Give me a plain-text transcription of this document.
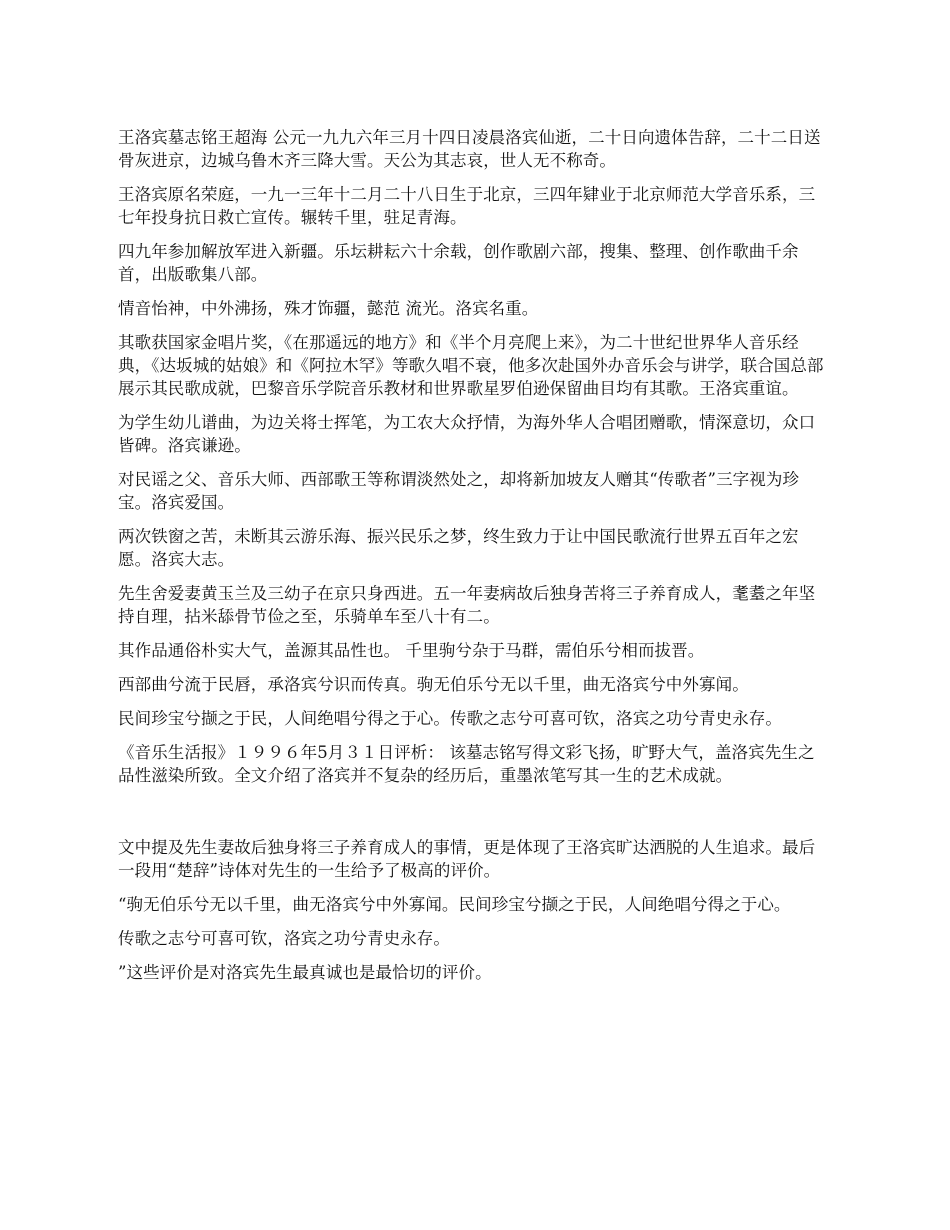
王洛宾墓志铭王超海 公元一九九六年三月十四日凌晨洛宾仙逝，二十日向遗体告辞，二十二日送骨灰进京，边城乌鲁木齐三降大雪。天公为其志哀，世人无不称奇。

王洛宾原名荣庭，一九一三年十二月二十八日生于北京，三四年肄业于北京师范大学音乐系，三七年投身抗日救亡宣传。辗转千里，驻足青海。

四九年参加解放军进入新疆。乐坛耕耘六十余载，创作歌剧六部，搜集、整理、创作歌曲千余首，出版歌集八部。

情音怡神，中外沸扬，殊才饰疆，懿范 流光。洛宾名重。

其歌获国家金唱片奖，《在那遥远的地方》和《半个月亮爬上来》，为二十世纪世界华人音乐经典，《达坂城的姑娘》和《阿拉木罕》等歌久唱不衰，他多次赴国外办音乐会与讲学，联合国总部展示其民歌成就，巴黎音乐学院音乐教材和世界歌星罗伯逊保留曲目均有其歌。王洛宾重谊。

为学生幼儿谱曲，为边关将士挥笔，为工农大众抒情，为海外华人合唱团赠歌，情深意切，众口皆碑。洛宾谦逊。

对民谣之父、音乐大师、西部歌王等称谓淡然处之，却将新加坡友人赠其“传歌者”三字视为珍宝。洛宾爱国。

两次铁窗之苦，未断其云游乐海、振兴民乐之梦，终生致力于让中国民歌流行世界五百年之宏愿。洛宾大志。

先生舍爱妻黄玉兰及三幼子在京只身西进。五一年妻病故后独身苦将三子养育成人，耄耋之年坚持自理，拈米舔骨节俭之至，乐骑单车至八十有二。

其作品通俗朴实大气，盖源其品性也。 千里驹兮杂于马群，需伯乐兮相而拔晋。

西部曲兮流于民唇，承洛宾兮识而传真。驹无伯乐兮无以千里，曲无洛宾兮中外寡闻。

民间珍宝兮撷之于民，人间绝唱兮得之于心。传歌之志兮可喜可钦，洛宾之功兮青史永存。

《音乐生活报》１９９６年5月３１日评析： 该墓志铭写得文彩飞扬，旷野大气，盖洛宾先生之品性滋染所致。全文介绍了洛宾并不复杂的经历后，重墨浓笔写其一生的艺术成就。

文中提及先生妻故后独身将三子养育成人的事情，更是体现了王洛宾旷达洒脱的人生追求。最后一段用“楚辞”诗体对先生的一生给予了极高的评价。

“驹无伯乐兮无以千里，曲无洛宾兮中外寡闻。民间珍宝兮撷之于民，人间绝唱兮得之于心。

传歌之志兮可喜可钦，洛宾之功兮青史永存。

”这些评价是对洛宾先生最真诚也是最恰切的评价。
